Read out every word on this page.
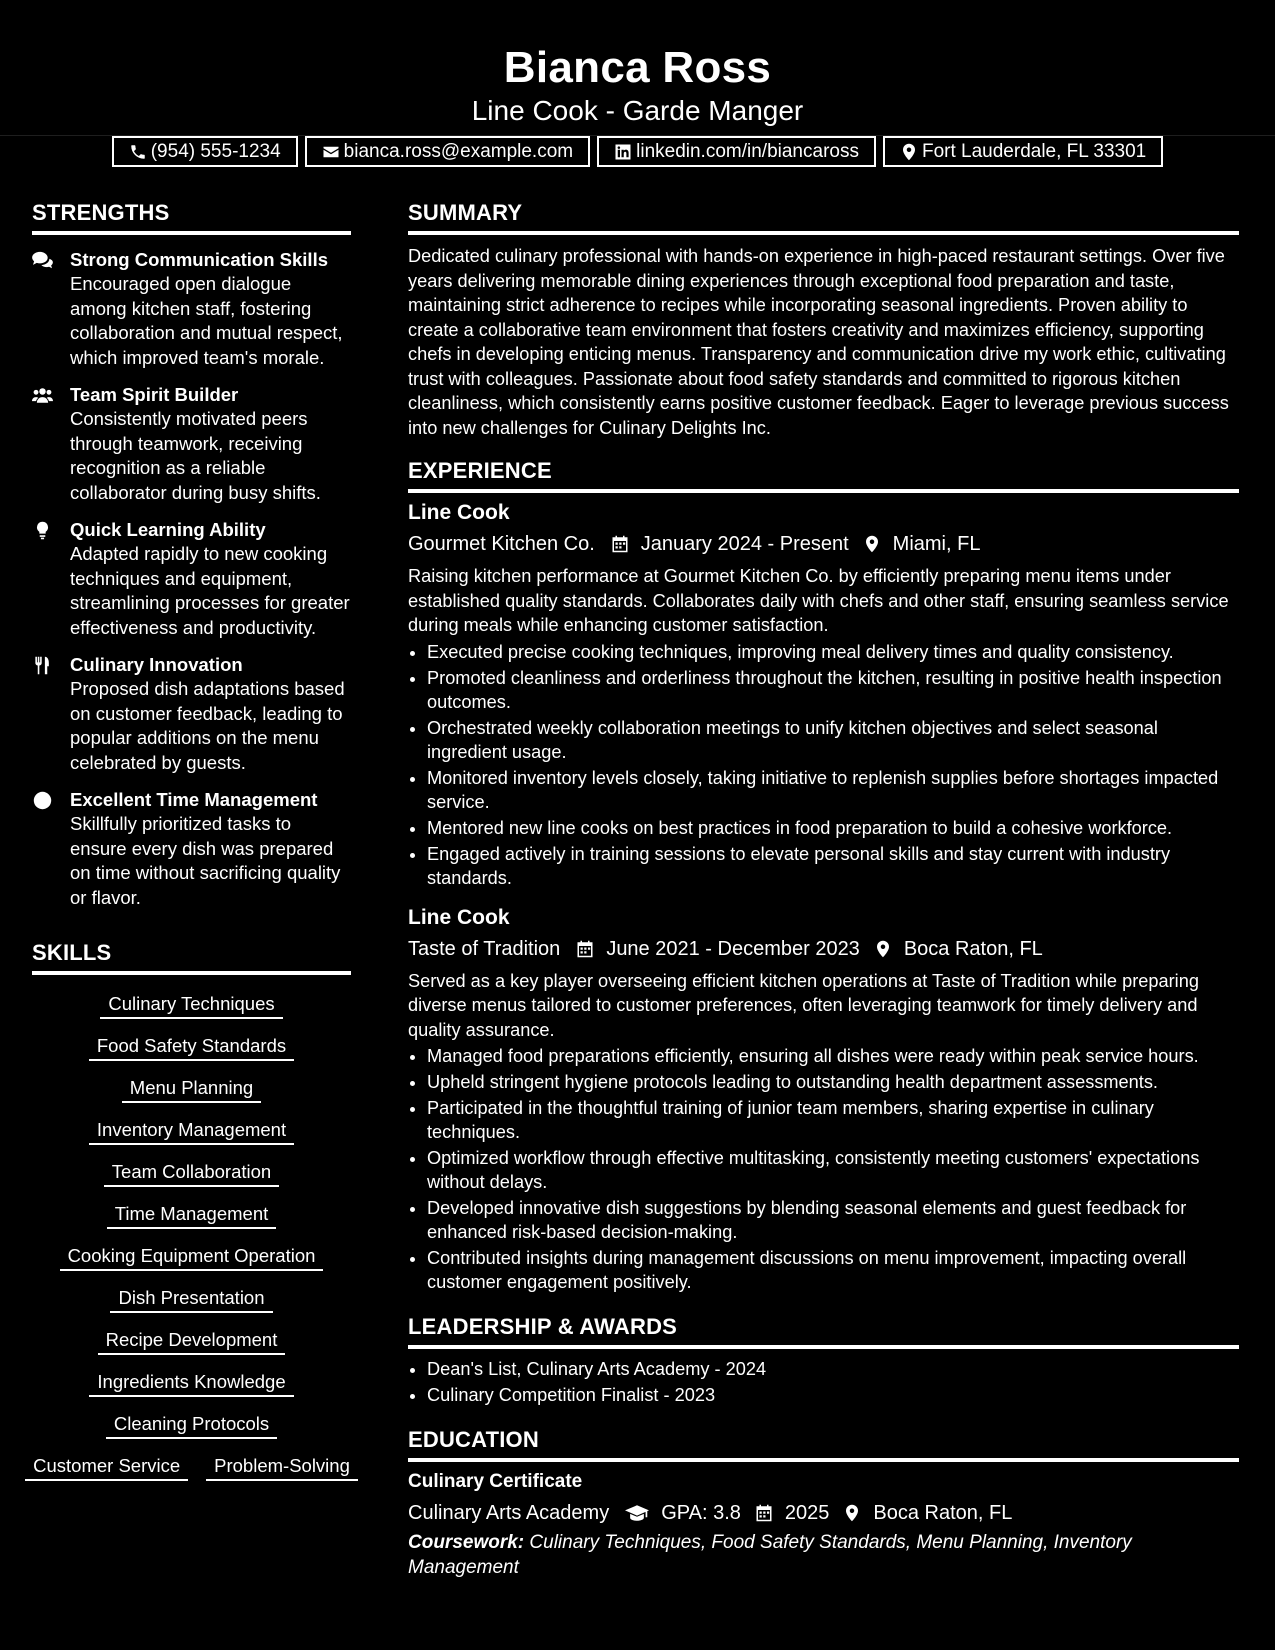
Bianca Ross
Line Cook - Garde Manger
(954) 555-1234	bianca.ross@example.com	linkedin.com/in/biancaross	Fort Lauderdale, FL 33301
STRENGTHS
Strong Communication Skills
Encouraged open dialogue among kitchen staff, fostering collaboration and mutual respect, which improved team's morale.
Team Spirit Builder
Consistently motivated peers through teamwork, receiving recognition as a reliable collaborator during busy shifts.
Quick Learning Ability
Adapted rapidly to new cooking techniques and equipment, streamlining processes for greater effectiveness and productivity.
Culinary Innovation
Proposed dish adaptations based on customer feedback, leading to popular additions on the menu celebrated by guests.
Excellent Time Management
Skillfully prioritized tasks to ensure every dish was prepared on time without sacrificing quality or flavor.
SKILLS
Culinary Techniques
Food Safety Standards
Menu Planning
Inventory Management
Team Collaboration
Time Management
Cooking Equipment Operation
Dish Presentation
Recipe Development
Ingredients Knowledge
Cleaning Protocols
Customer Service	Problem-Solving
SUMMARY
Dedicated culinary professional with hands-on experience in high-paced restaurant settings. Over five years delivering memorable dining experiences through exceptional food preparation and taste, maintaining strict adherence to recipes while incorporating seasonal ingredients. Proven ability to create a collaborative team environment that fosters creativity and maximizes efficiency, supporting chefs in developing enticing menus. Transparency and communication drive my work ethic, cultivating trust with colleagues. Passionate about food safety standards and committed to rigorous kitchen cleanliness, which consistently earns positive customer feedback. Eager to leverage previous success into new challenges for Culinary Delights Inc.
EXPERIENCE
Line Cook
Gourmet Kitchen Co. January 2024 - Present Miami, FL
Raising kitchen performance at Gourmet Kitchen Co. by efficiently preparing menu items under established quality standards. Collaborates daily with chefs and other staff, ensuring seamless service during meals while enhancing customer satisfaction.
• Executed precise cooking techniques, improving meal delivery times and quality consistency.
• Promoted cleanliness and orderliness throughout the kitchen, resulting in positive health inspection outcomes.
• Orchestrated weekly collaboration meetings to unify kitchen objectives and select seasonal ingredient usage.
• Monitored inventory levels closely, taking initiative to replenish supplies before shortages impacted service.
• Mentored new line cooks on best practices in food preparation to build a cohesive workforce.
• Engaged actively in training sessions to elevate personal skills and stay current with industry standards.
Line Cook
Taste of Tradition June 2021 - December 2023 Boca Raton, FL
Served as a key player overseeing efficient kitchen operations at Taste of Tradition while preparing diverse menus tailored to customer preferences, often leveraging teamwork for timely delivery and quality assurance.
• Managed food preparations efficiently, ensuring all dishes were ready within peak service hours.
• Upheld stringent hygiene protocols leading to outstanding health department assessments.
• Participated in the thoughtful training of junior team members, sharing expertise in culinary techniques.
• Optimized workflow through effective multitasking, consistently meeting customers' expectations without delays.
• Developed innovative dish suggestions by blending seasonal elements and guest feedback for enhanced risk-based decision-making.
• Contributed insights during management discussions on menu improvement, impacting overall customer engagement positively.
LEADERSHIP & AWARDS
• Dean's List, Culinary Arts Academy - 2024
• Culinary Competition Finalist - 2023
EDUCATION
Culinary Certificate
Culinary Arts Academy	GPA: 3.8 2025 Boca Raton, FL
Coursework: Culinary Techniques, Food Safety Standards, Menu Planning, Inventory Management
